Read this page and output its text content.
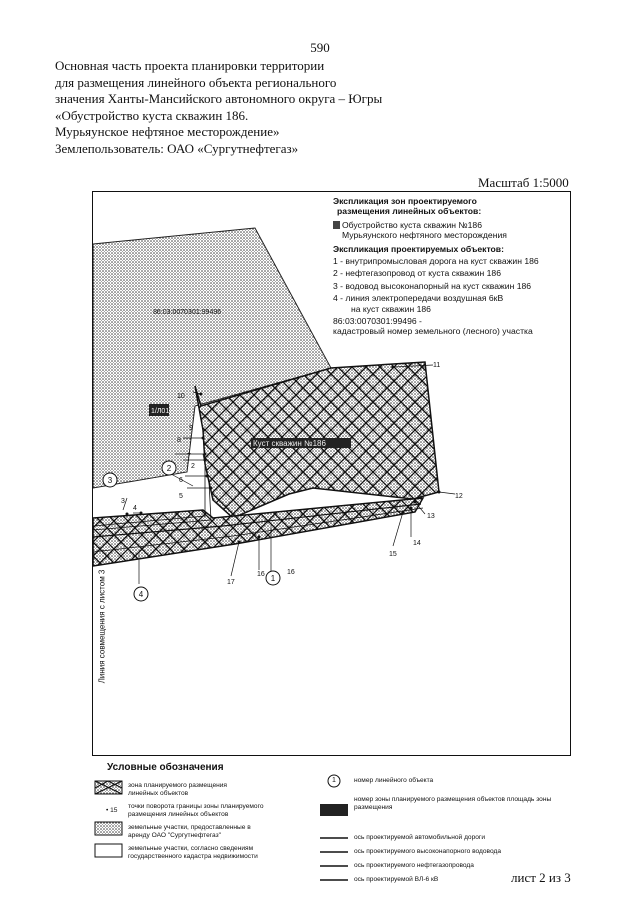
590
Основная часть проекта планировки территории
для размещения линейного объекта регионального
значения Ханты-Мансийского автономного округа – Югры
«Обустройство куста скважин 186.
Мурьяунское нефтяное месторождение»
Землепользователь: ОАО «Сургутнефтегаз»
Масштаб 1:5000
1
2
3
4
11
12
13
14
15
16
17
10
7
8
9
6
5
3
4
2
16
86:03:0070301:99496
Куст скважин №186
1/Л01
Экспликация зон проектируемого
размещения линейных объектов:
Обустройство куста скважин №186
Мурьяунского нефтяного месторождения
Экспликация проектируемых объектов:
1 - внутрипромысловая дорога на куст скважин 186
2 - нефтегазопровод от куста скважин 186
3 - водовод высоконапорный на куст скважин 186
4 - линия электропередачи воздушная 6кВ
на куст скважин 186
86:03:0070301:99496 -
кадастровый номер земельного (лесного) участка
Линия совмещения с листом 3
Условные обозначения
зона планируемого размещения линейных объектов
• 15
точки поворота границы зоны планируемого размещения линейных объектов
земельные участки, предоставленные в аренду ОАО "Сургутнефтегаз"
земельные участки, согласно сведениям государственного кадастра недвижимости
1	номер линейного объекта
номер зоны планируемого размещения объектов площадь зоны размещения
ось проектируемой автомобильной дороги
ось проектируемого высоконапорного водовода
ось проектируемого нефтегазопровода
ось проектируемой ВЛ-6 кВ	лист 2 из 3
